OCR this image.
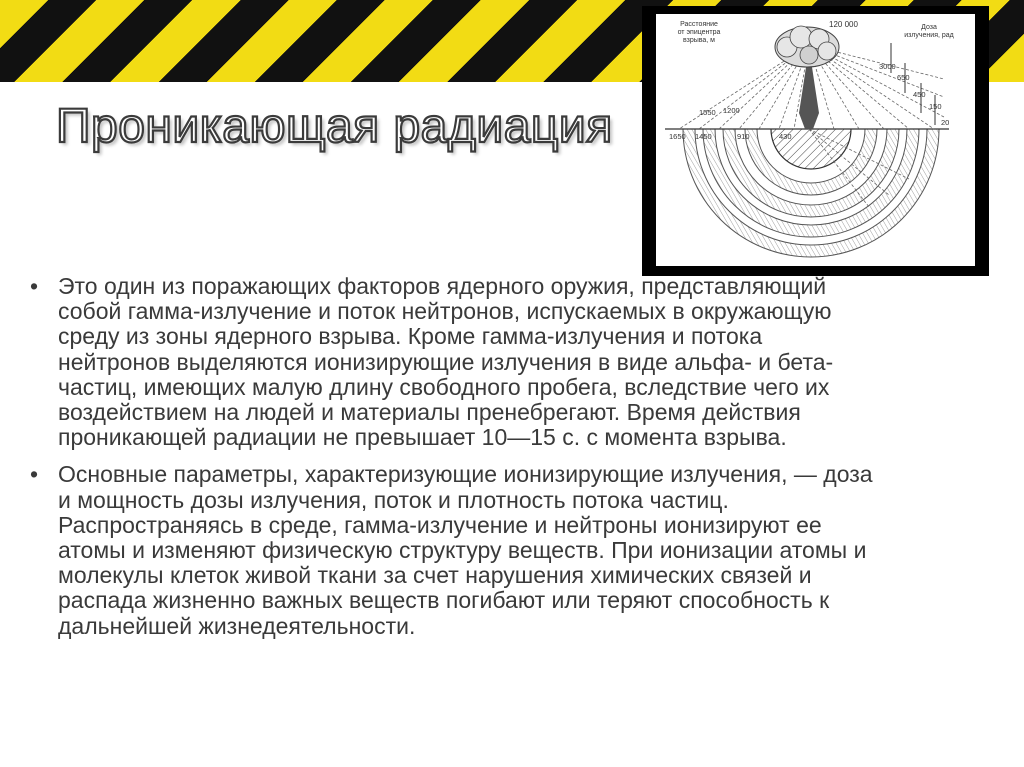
Проникающая радиация
Расстояние
от эпицентра
взрыва, м
Доза
излучения, рад
120 000
3000
650
450
150
20
1550 1200
1650 1450	910	430
• Это один из поражающих факторов ядерного оружия, представляющий собой гамма-излучение и поток нейтронов, испускаемых в окружающую среду из зоны ядерного взрыва. Кроме гамма-излучения и потока нейтронов выделяются ионизирующие излучения в виде альфа- и бета- частиц, имеющих малую длину свободного пробега, вследствие чего их воздействием на людей и материалы пренебрегают. Время действия проникающей радиации не превышает 10—15 с. с момента взрыва.
• Основные параметры, характеризующие ионизирующие излучения, — доза и мощность дозы излучения, поток и плотность потока частиц. Распространяясь в среде, гамма-излучение и нейтроны ионизируют ее атомы и изменяют физическую структуру веществ. При ионизации атомы и молекулы клеток живой ткани за счет нарушения химических связей и распада жизненно важных веществ погибают или теряют способность к дальнейшей жизнедеятельности.
